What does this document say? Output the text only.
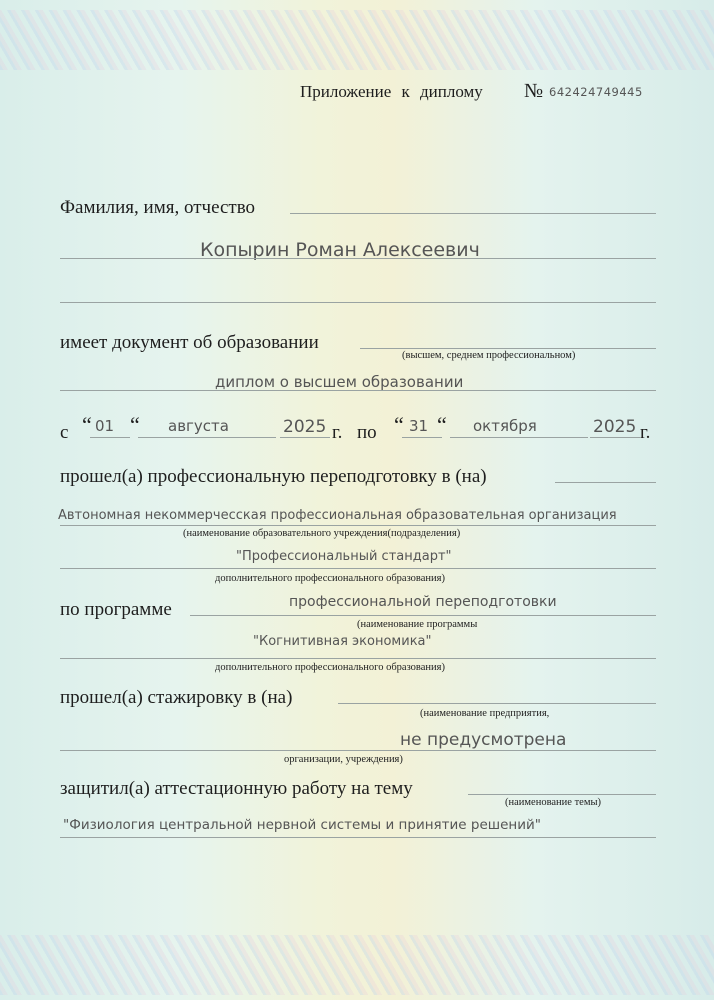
Приложение к диплому № 642424749445
Фамилия, имя, отчество
Копырин Роман Алексеевич
имеет документ об образовании
(высшем, среднем профессиональном)
диплом о высшем образовании
с “ 01 “ августа	2025 г. по “ 31 “ октября	2025 г.
прошел(а) профессиональную переподготовку в (на)
Автономная некоммерчеcская профессиональная образовательная организация
(наименование образовательного учреждения(подразделения)
"Профессиональный стандарт"
дополнительного профессионального образования)
по программе	профессиональной переподготовки
(наименование программы
"Когнитивная экономика"
дополнительного профессионального образования)
прошел(а) стажировку в (на)
(наименование предприятия,
не предусмотрена
организации, учреждения)
защитил(а) аттестационную работу на тему
(наименование темы)
"Физиология центральной нервной системы и принятие решений"
